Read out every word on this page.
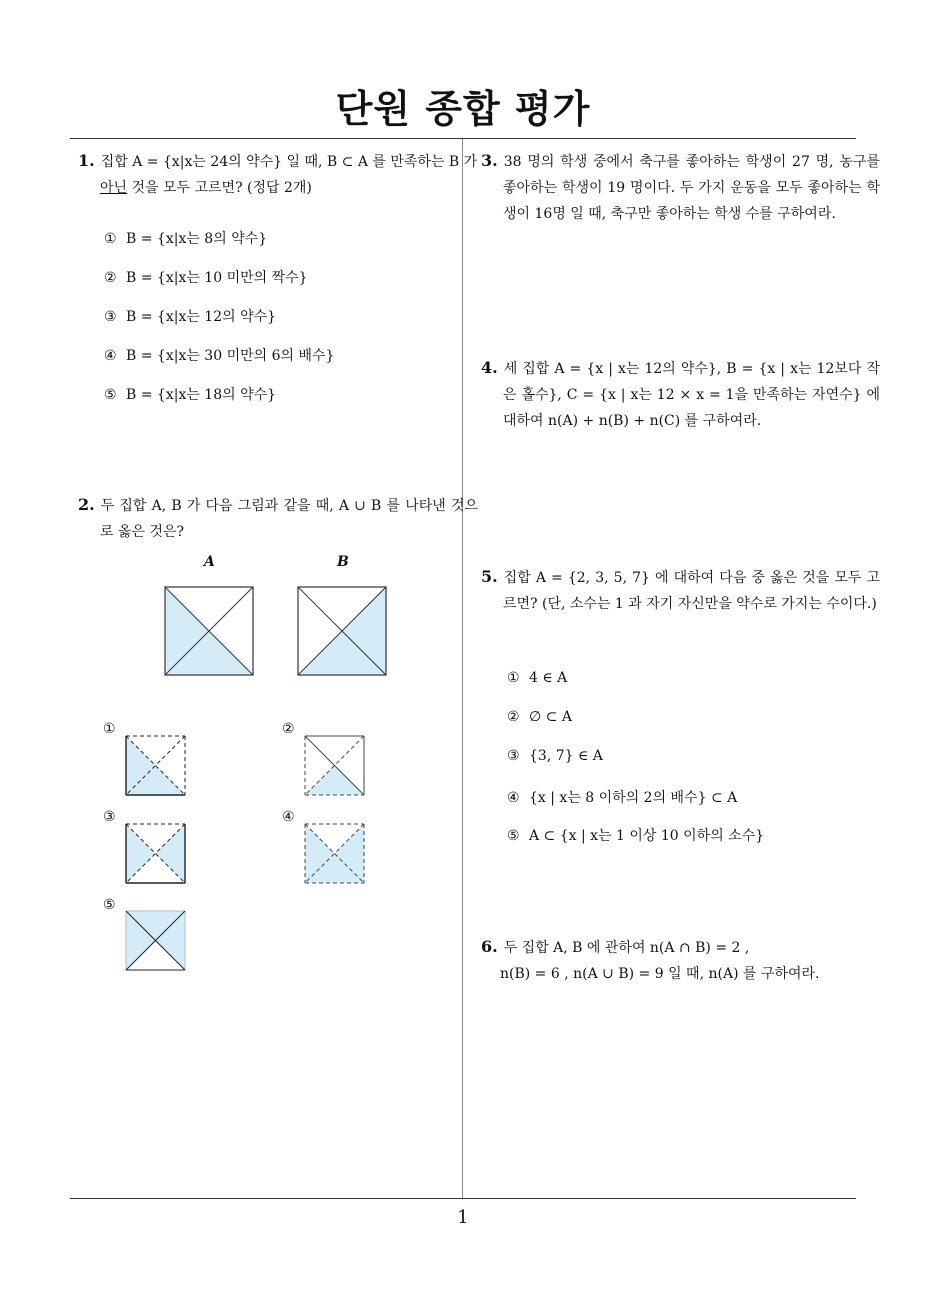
단원 종합 평가
1. 집합 A = {x|x는 24의 약수} 일 때, B ⊂ A 를 만족하는 B 가 아닌 것을 모두 고르면? (정답 2개)
① B = {x|x는 8의 약수}
② B = {x|x는 10 미만의 짝수}
③ B = {x|x는 12의 약수}
④ B = {x|x는 30 미만의 6의 배수}
⑤ B = {x|x는 18의 약수}
2. 두 집합 A, B 가 다음 그림과 같을 때, A ∪ B 를 나타낸 것으로 옳은 것은?
A	B
①	②
③	④
⑤
3. 38 명의 학생 중에서 축구를 좋아하는 학생이 27 명, 농구를 좋아하는 학생이 19 명이다. 두 가지 운동을 모두 좋아하는 학생이 16명 일 때, 축구만 좋아하는 학생 수를 구하여라.
4. 세 집합 A = {x | x는 12의 약수}, B = {x | x는 12보다 작은 홀수}, C = {x | x는 12 × x = 1을 만족하는 자연수} 에 대하여 n(A) + n(B) + n(C) 를 구하여라.
5. 집합 A = {2, 3, 5, 7} 에 대하여 다음 중 옳은 것을 모두 고르면? (단, 소수는 1 과 자기 자신만을 약수로 가지는 수이다.)
① 4 ∈ A
② ∅ ⊂ A
③ {3, 7} ∈ A
④ {x | x는 8 이하의 2의 배수} ⊂ A
⑤ A ⊂ {x | x는 1 이상 10 이하의 소수}
6. 두 집합 A, B 에 관하여 n(A ∩ B) = 2 ,
n(B) = 6 , n(A ∪ B) = 9 일 때, n(A) 를 구하여라.
1
